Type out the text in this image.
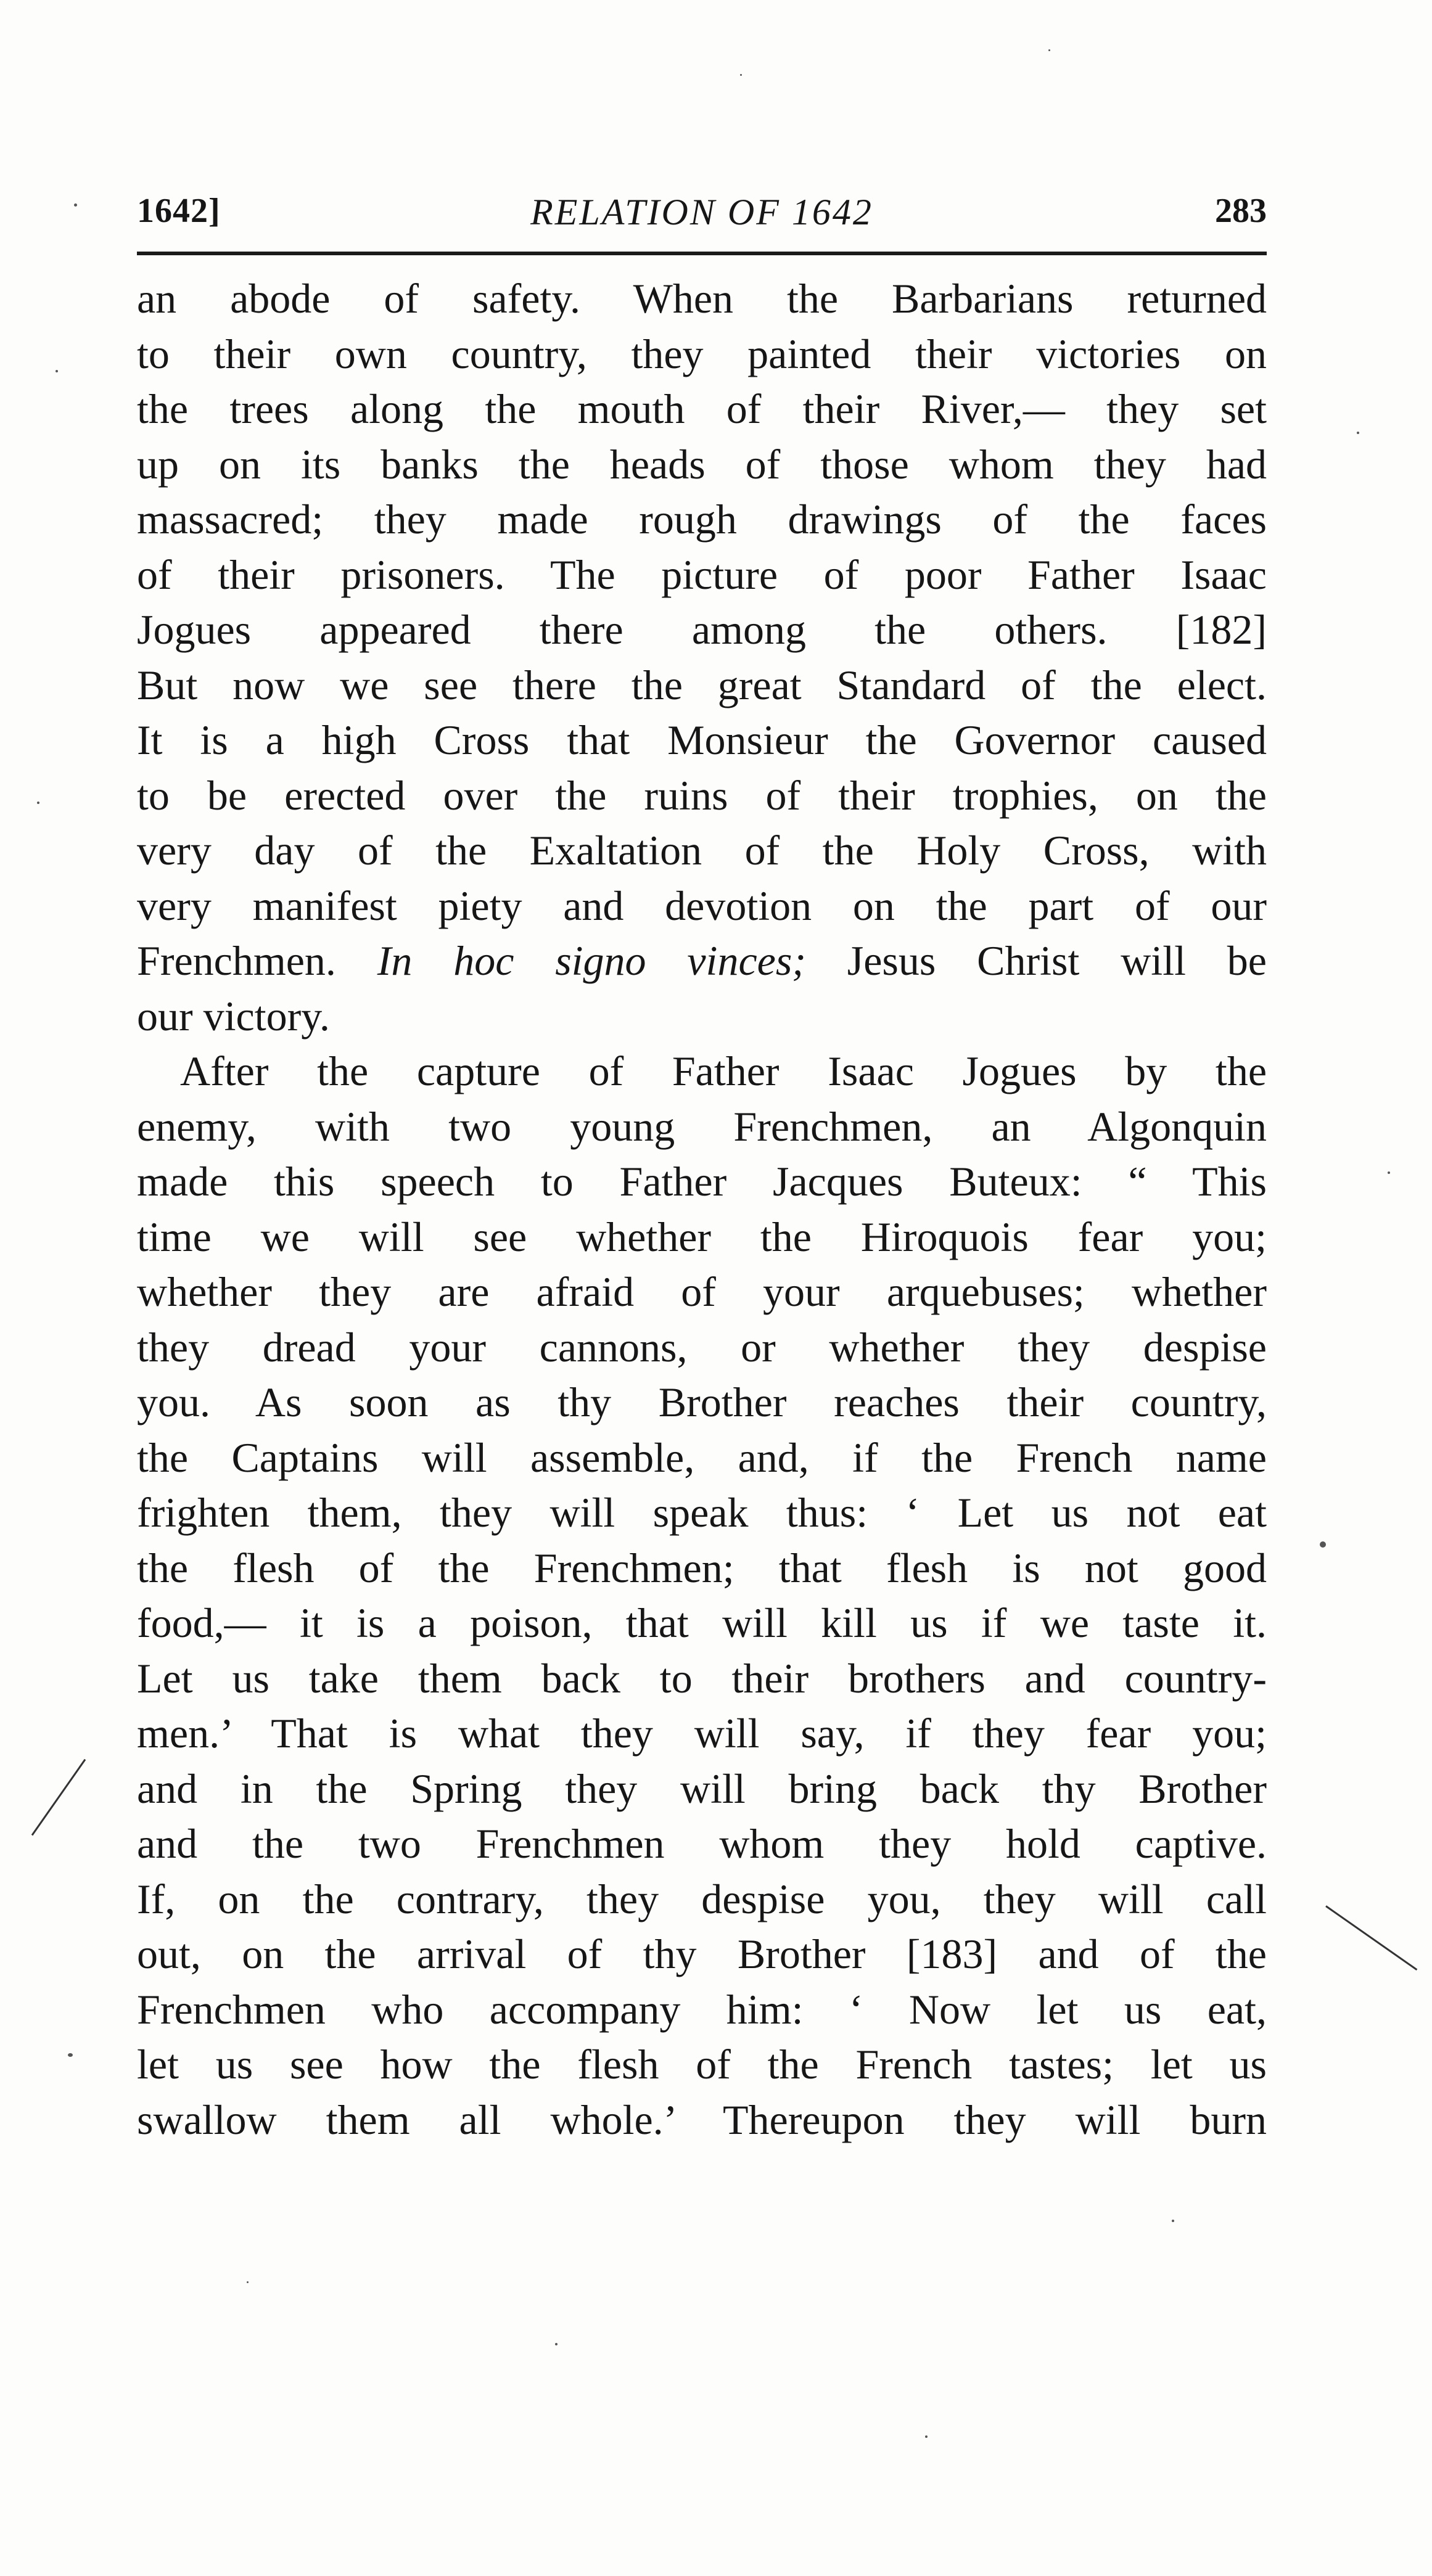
1642]	RELATION OF 1642	283
an abode of safety. When the Barbarians returned
to their own country, they painted their victories on
the trees along the mouth of their River,— they set
up on its banks the heads of those whom they had
massacred; they made rough drawings of the faces
of their prisoners. The picture of poor Father Isaac
Jogues appeared there among the others. [182]
But now we see there the great Standard of the elect.
It is a high Cross that Monsieur the Governor caused
to be erected over the ruins of their trophies, on the
very day of the Exaltation of the Holy Cross, with
very manifest piety and devotion on the part of our
Frenchmen. In hoc signo vinces; Jesus Christ will be
our victory.
After the capture of Father Isaac Jogues by the
enemy, with two young Frenchmen, an Algonquin
made this speech to Father Jacques Buteux: “ This
time we will see whether the Hiroquois fear you;
whether they are afraid of your arquebuses; whether
they dread your cannons, or whether they despise
you. As soon as thy Brother reaches their country,
the Captains will assemble, and, if the French name
frighten them, they will speak thus: ‘ Let us not eat
the flesh of the Frenchmen; that flesh is not good
food,— it is a poison, that will kill us if we taste it.
Let us take them back to their brothers and country-
men.’ That is what they will say, if they fear you;
and in the Spring they will bring back thy Brother
and the two Frenchmen whom they hold captive.
If, on the contrary, they despise you, they will call
out, on the arrival of thy Brother [183] and of the
Frenchmen who accompany him: ‘ Now let us eat,
let us see how the flesh of the French tastes; let us
swallow them all whole.’ Thereupon they will burn
